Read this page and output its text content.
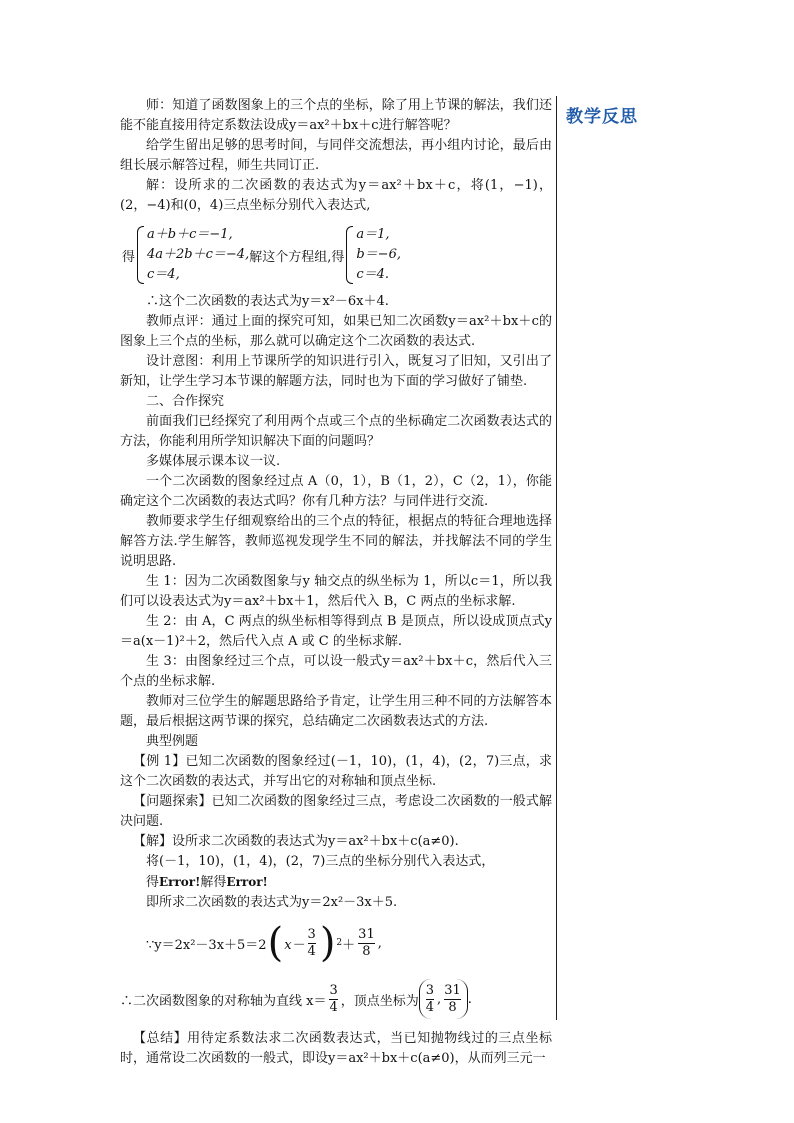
教学反思

师：知道了函数图象上的三个点的坐标，除了用上节课的解法，我们还能不能直接用待定系数法设成y＝ax²＋bx＋c进行解答呢？

给学生留出足够的思考时间，与同伴交流想法，再小组内讨论，最后由组长展示解答过程，师生共同订正.

解：设所求的二次函数的表达式为y＝ax²＋bx＋c，将(1，−1)，(2，−4)和(0，4)三点坐标分别代入表达式,

得
a＋b＋c＝−1,
4a＋2b＋c＝−4,
c＝4,
解这个方程组,得
a＝1,
b＝−6,
c＝4.

∴这个二次函数的表达式为y＝x²－6x＋4.

教师点评：通过上面的探究可知，如果已知二次函数y＝ax²＋bx＋c的图象上三个点的坐标，那么就可以确定这个二次函数的表达式.

设计意图：利用上节课所学的知识进行引入，既复习了旧知，又引出了新知，让学生学习本节课的解题方法，同时也为下面的学习做好了铺垫.

二、合作探究

前面我们已经探究了利用两个点或三个点的坐标确定二次函数表达式的方法，你能利用所学知识解决下面的问题吗？

多媒体展示课本议一议.

一个二次函数的图象经过点 A（0，1），B（1，2），C（2，1），你能确定这个二次函数的表达式吗？你有几种方法？与同伴进行交流.

教师要求学生仔细观察给出的三个点的特征，根据点的特征合理地选择解答方法.学生解答，教师巡视发现学生不同的解法，并找解法不同的学生说明思路.

生 1：因为二次函数图象与y 轴交点的纵坐标为 1，所以c＝1，所以我们可以设表达式为y＝ax²＋bx＋1，然后代入 B，C 两点的坐标求解.

生 2：由 A，C 两点的纵坐标相等得到点 B 是顶点，所以设成顶点式y＝a(x－1)²＋2，然后代入点 A 或 C 的坐标求解.

生 3：由图象经过三个点，可以设一般式y＝ax²＋bx＋c，然后代入三个点的坐标求解.

教师对三位学生的解题思路给予肯定，让学生用三种不同的方法解答本题，最后根据这两节课的探究，总结确定二次函数表达式的方法.

典型例题

【例 1】已知二次函数的图象经过(－1，10)，(1，4)，(2，7)三点，求这个二次函数的表达式，并写出它的对称轴和顶点坐标.

【问题探索】已知二次函数的图象经过三点，考虑设二次函数的一般式解决问题.

【解】设所求二次函数的表达式为y＝ax²＋bx＋c(a≠0).

将(－1，10)，(1，4)，(2，7)三点的坐标分别代入表达式，

得Error!解得Error!

即所求二次函数的表达式为y＝2x²－3x＋5.

∵y＝2x²－3x＋5＝2 ( $x- \frac{3}{4}$ ) $2 + \frac{31}{8}$ ,
∴二次函数图象的对称轴为直线 $x= \frac{3}{4}$ ，顶点坐标为 $\frac{3}{4}$ , $\frac{31}{8}$ .

【总结】用待定系数法求二次函数表达式，当已知抛物线过的三点坐标时，通常设二次函数的一般式，即设y＝ax²＋bx＋c(a≠0)，从而列三元一
